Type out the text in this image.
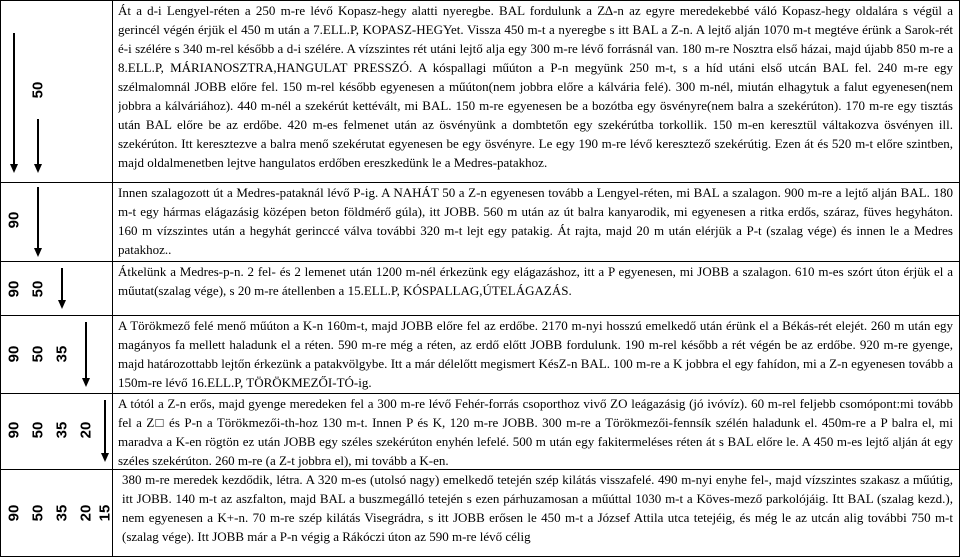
50
Át a d-i Lengyel-réten a 250 m-re lévő Kopasz-hegy alatti nyeregbe. BAL fordulunk a Z∆-n az egyre meredekebbé váló Kopasz-hegy oldalára s végül a gerincél végén érjük el 450 m után a 7.ELL.P, KOPASZ-HEGYet. Vissza 450 m-t a nyeregbe s itt BAL a Z-n. A lejtő alján 1070 m-t megtéve érünk a Sarok-rét é-i szélére s 340 m-rel később a d-i szélére. A vízszintes rét utáni lejtő alja egy 300 m-re lévő forrásnál van. 180 m-re Nosztra első házai, majd újabb 850 m-re a 8.ELL.P, MÁRIANOSZTRA,HANGULAT PRESSZÓ. A kóspallagi műúton a P-n megyünk 250 m-t, s a híd utáni első utcán BAL fel. 240 m-re egy szélmalomnál JOBB előre fel. 150 m-rel később egyenesen a műúton(nem jobbra előre a kálvária felé). 300 m-nél, miután elhagytuk a falut egyenesen(nem jobbra a kálváriához). 440 m-nél a szekérút kettévált, mi BAL. 150 m-re egyenesen be a bozótba egy ösvényre(nem balra a szekérúton). 170 m-re egy tisztás után BAL előre be az erdőbe. 420 m-es felmenet után az ösvényünk a dombtetőn egy szekérútba torkollik. 150 m-en keresztül váltakozva ösvényen ill. szekérúton. Itt keresztezve a balra menő szekérutat egyenesen be egy ösvényre. Le egy 190 m-re lévő keresztező szekérútig. Ezen át és 520 m-t előre szintben, majd oldalmenetben lejtve hangulatos erdőben ereszkedünk le a Medres-patakhoz.
90
Innen szalagozott út a Medres-pataknál lévő P-ig. A NAHÁT 50 a Z-n egyenesen tovább a Lengyel-réten, mi BAL a szalagon. 900 m-re a lejtő alján BAL. 180 m-t egy hármas elágazásig középen beton földmérő gúla), itt JOBB. 560 m után az út balra kanyarodik, mi egyenesen a ritka erdős, száraz, füves hegyháton. 160 m vízszintes után a hegyhát gerinccé válva további 320 m-t lejt egy patakig. Át rajta, majd 20 m után elérjük a P-t (szalag vége) és innen le a Medres patakhoz..
90 50
Átkelünk a Medres-p-n. 2 fel- és 2 lemenet után 1200 m-nél érkezünk egy elágazáshoz, itt a P egyenesen, mi JOBB a szalagon. 610 m-es szórt úton érjük el a műutat(szalag vége), s 20 m-re átellenben a 15.ELL.P, KÓSPALLAG,ÚTELÁGAZÁS.
90 50 35
A Törökmező felé menő műúton a K-n 160m-t, majd JOBB előre fel az erdőbe. 2170 m-nyi hosszú emelkedő után érünk el a Békás-rét elejét. 260 m után egy magányos fa mellett haladunk el a réten. 590 m-re még a réten, az erdő előtt JOBB fordulunk. 190 m-rel később a rét végén be az erdőbe. 920 m-re gyenge, majd határozottabb lejtőn érkezünk a patakvölgybe. Itt a már délelőtt megismert KésZ-n BAL. 100 m-re a K jobbra el egy fahídon, mi a Z-n egyenesen tovább a 150m-re lévő 16.ELL.P, TÖRÖKMEZŐI-TÓ-ig.
90 50 35 20
A tótól a Z-n erős, majd gyenge meredeken fel a 300 m-re lévő Fehér-forrás csoporthoz vivő ZO leágazásig (jó ivóvíz). 60 m-rel feljebb csomópont:mi tovább fel a Z□ és P-n a Törökmezői-th-hoz 130 m-t. Innen P és K, 120 m-re JOBB. 300 m-re a Törökmezői-fennsík szélén haladunk el. 450m-re a P balra el, mi maradva a K-en rögtön ez után JOBB egy széles szekérúton enyhén lefelé. 500 m után egy fakitermeléses réten át s BAL előre le. A 450 m-es lejtő alján át egy széles szekérúton. 260 m-re (a Z-t jobbra el), mi tovább a K-en.
90 50 35 20 15
380 m-re meredek kezdődik, létra. A 320 m-es (utolsó nagy) emelkedő tetején szép kilátás visszafelé. 490 m-nyi enyhe fel-, majd vízszintes szakasz a műútig, itt JOBB. 140 m-t az aszfalton, majd BAL a buszmegálló tetején s ezen párhuzamosan a műúttal 1030 m-t a Köves-mező parkolójáig. Itt BAL (szalag kezd.), nem egyenesen a K+-n. 70 m-re szép kilátás Visegrádra, s itt JOBB erősen le 450 m-t a József Attila utca tetejéig, és még le az utcán alig további 750 m-t (szalag vége). Itt JOBB már a P-n végig a Rákóczi úton az 590 m-re lévő célig
